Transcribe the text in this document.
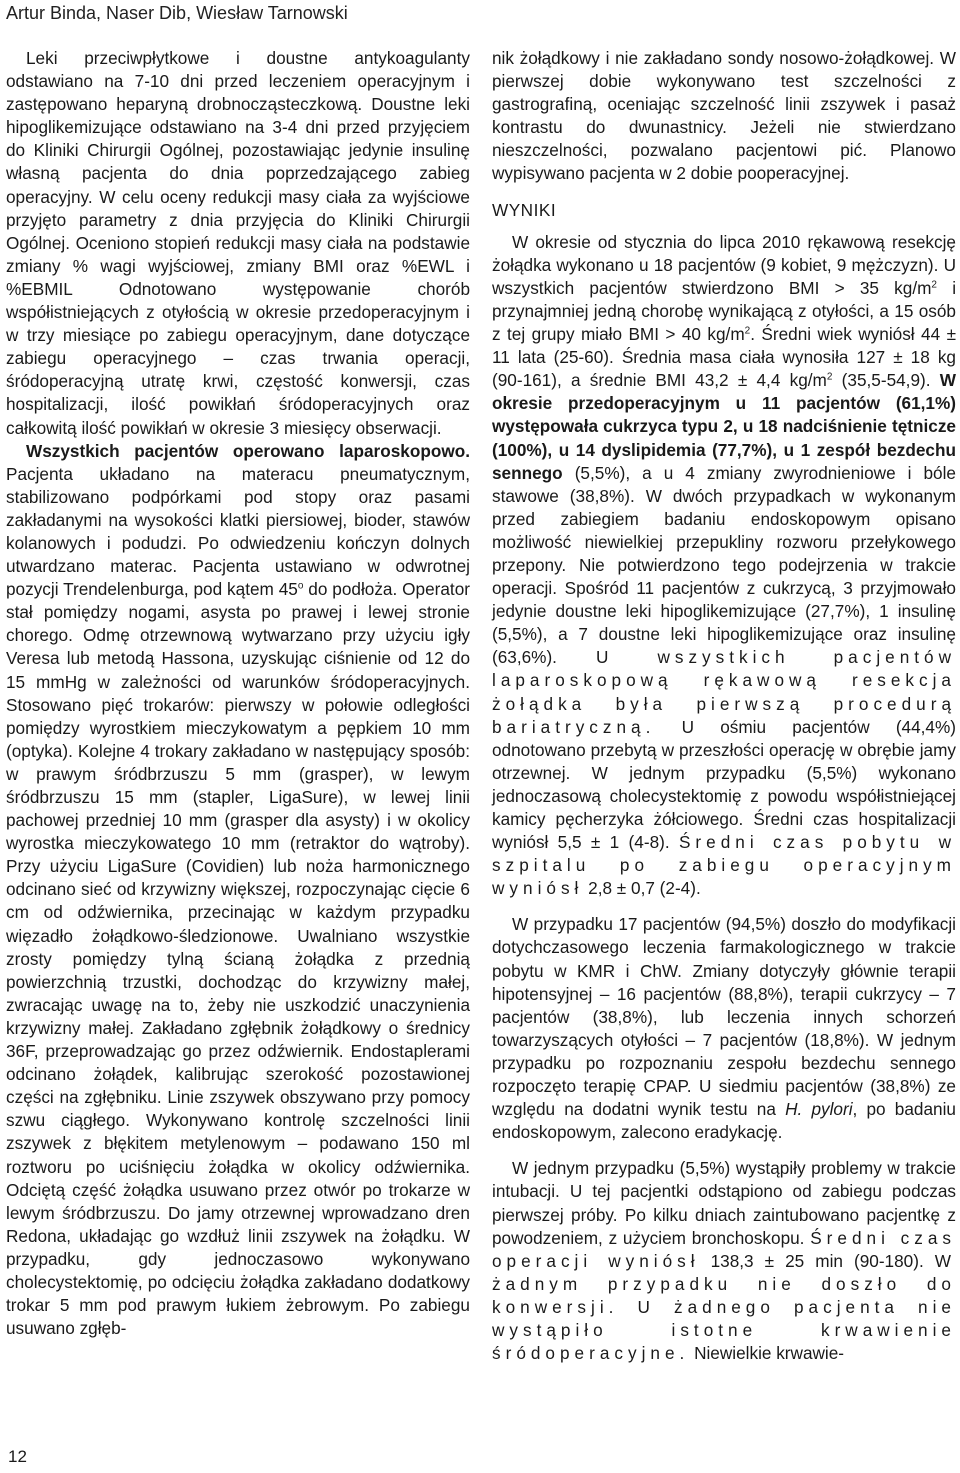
Artur Binda, Naser Dib, Wiesław Tarnowski

Leki przeciwpłytkowe i doustne antykoagulanty odstawiano na 7-10 dni przed leczeniem operacyjnym i zastępowano heparyną drobnocząsteczkową. Doustne leki hipoglikemizujące odstawiano na 3-4 dni przed przyjęciem do Kliniki Chirurgii Ogólnej, pozostawiając jedynie insulinę własną pacjenta do dnia poprzedzającego zabieg operacyjny. W celu oceny redukcji masy ciała za wyjściowe przyjęto parametry z dnia przyjęcia do Kliniki Chirurgii Ogólnej. Oceniono stopień redukcji masy ciała na podstawie zmiany % wagi wyjściowej, zmiany BMI oraz %EWL i %EBMIL Odnotowano występowanie chorób współistniejących z otyłością w okresie przedoperacyjnym i w trzy miesiące po zabiegu operacyjnym, dane dotyczące zabiegu operacyjnego – czas trwania operacji, śródoperacyjną utratę krwi, częstość konwersji, czas hospitalizacji, ilość powikłań śródoperacyjnych oraz całkowitą ilość powikłań w okresie 3 miesięcy obserwacji.

Wszystkich pacjentów operowano laparoskopowo. Pacjenta układano na materacu pneumatycznym, stabilizowano podpórkami pod stopy oraz pasami zakładanymi na wysokości klatki piersiowej, bioder, stawów kolanowych i podudzi. Po odwiedzeniu kończyn dolnych utwardzano materac. Pacjenta ustawiano w odwrotnej pozycji Trendelenburga, pod kątem 45$^o$ do podłoża. Operator stał pomiędzy nogami, asysta po prawej i lewej stronie chorego. Odmę otrzewnową wytwarzano przy użyciu igły Veresa lub metodą Hassona, uzyskując ciśnienie od 12 do 15 mmHg w zależności od warunków śródoperacyjnych. Stosowano pięć trokarów: pierwszy w połowie odległości pomiędzy wyrostkiem mieczykowatym a pępkiem 10 mm (optyka). Kolejne 4 trokary zakładano w następujący sposób: w prawym śródbrzuszu 5 mm (grasper), w lewym śródbrzuszu 15 mm (stapler, LigaSure), w lewej linii pachowej przedniej 10 mm (grasper dla asysty) i w okolicy wyrostka mieczykowatego 10 mm (retraktor do wątroby). Przy użyciu LigaSure (Covidien) lub noża harmonicznego odcinano sieć od krzywizny większej, rozpoczynając cięcie 6 cm od odźwiernika, przecinając w każdym przypadku więzadło żołądkowo-śledzionowe. Uwalniano wszystkie zrosty pomiędzy tylną ścianą żołądka z przednią powierzchnią trzustki, dochodząc do krzywizny małej, zwracając uwagę na to, żeby nie uszkodzić unaczynienia krzywizny małej. Zakładano zgłębnik żołądkowy o średnicy 36F, przeprowadzając go przez odźwiernik. Endostaplerami odcinano żołądek, kalibrując szerokość pozostawionej części na zgłębniku. Linie zszywek obszywano przy pomocy szwu ciągłego. Wykonywano kontrolę szczelności linii zszywek z błękitem metylenowym – podawano 150 ml roztworu po uciśnięciu żołądka w okolicy odźwiernika. Odciętą część żołądka usuwano przez otwór po trokarze w lewym śródbrzuszu. Do jamy otrzewnej wprowadzano dren Redona, układając go wzdłuż linii zszywek na żołądku. W przypadku, gdy jednoczasowo wykonywano cholecystektomię, po odcięciu żołądka zakładano dodatkowy trokar 5 mm pod prawym łukiem żebrowym. Po zabiegu usuwano zgłęb-

nik żołądkowy i nie zakładano sondy nosowo-żołądkowej. W pierwszej dobie wykonywano test szczelności z gastrografiną, oceniając szczelność linii zszywek i pasaż kontrastu do dwunastnicy. Jeżeli nie stwierdzano nieszczelności, pozwalano pacjentowi pić. Planowo wypisywano pacjenta w 2 dobie pooperacyjnej.

WYNIKI

W okresie od stycznia do lipca 2010 rękawową resekcję żołądka wykonano u 18 pacjentów (9 kobiet, 9 mężczyzn). U wszystkich pacjentów stwierdzono BMI > 35 $kg/m^2$ i przynajmniej jedną chorobę wynikającą z otyłości, a 15 osób z tej grupy miało BMI > 40 $kg/m^2$. Średni wiek wyniósł 44 ± 11 lata (25-60). Średnia masa ciała wynosiła 127 ± 18 kg (90-161), a średnie BMI 43,2 ± 4,4 $kg/m^2$ (35,5-54,9). W okresie przedoperacyjnym u 11 pacjentów (61,1%) występowała cukrzyca typu 2, u 18 nadciśnienie tętnicze (100%), u 14 dyslipidemia (77,7%), u 1 zespół bezdechu sennego (5,5%), a u 4 zmiany zwyrodnieniowe i bóle stawowe (38,8%). W dwóch przypadkach w wykonanym przed zabiegiem badaniu endoskopowym opisano możliwość niewielkiej przepukliny rozworu przełykowego przepony. Nie potwierdzono tego podejrzenia w trakcie operacji. Spośród 11 pacjentów z cukrzycą, 3 przyjmowało jedynie doustne leki hipoglikemizujące (27,7%), 1 insulinę (5,5%), a 7 doustne leki hipoglikemizujące oraz insulinę (63,6%). U wszystkich pacjentów laparoskopową rękawową resekcja żołądka była pierwszą procedurą bariatryczną. U ośmiu pacjentów (44,4%) odnotowano przebytą w przeszłości operację w obrębie jamy otrzewnej. W jednym przypadku (5,5%) wykonano jednoczasową cholecystektomię z powodu współistniejącej kamicy pęcherzyka żółciowego. Średni czas hospitalizacji wyniósł 5,5 ± 1 (4-8). Średni czas pobytu w szpitalu po zabiegu operacyjnym wyniósł 2,8 ± 0,7 (2-4).

W przypadku 17 pacjentów (94,5%) doszło do modyfikacji dotychczasowego leczenia farmakologicznego w trakcie pobytu w KMR i ChW. Zmiany dotyczyły głównie terapii hipotensyjnej – 16 pacjentów (88,8%), terapii cukrzycy – 7 pacjentów (38,8%), lub leczenia innych schorzeń towarzyszących otyłości – 7 pacjentów (18,8%). W jednym przypadku po rozpoznaniu zespołu bezdechu sennego rozpoczęto terapię CPAP. U siedmiu pacjentów (38,8%) ze względu na dodatni wynik testu na H. pylori, po badaniu endoskopowym, zalecono eradykację.

W jednym przypadku (5,5%) wystąpiły problemy w trakcie intubacji. U tej pacjentki odstąpiono od zabiegu podczas pierwszej próby. Po kilku dniach zaintubowano pacjentkę z powodzeniem, z użyciem bronchoskopu. Średni czas operacji wyniósł 138,3 ± 25 min (90-180). W żadnym przypadku nie doszło do konwersji. U żadnego pacjenta nie wystąpiło istotne krwawienie śródoperacyjne. Niewielkie krwawie-

12
